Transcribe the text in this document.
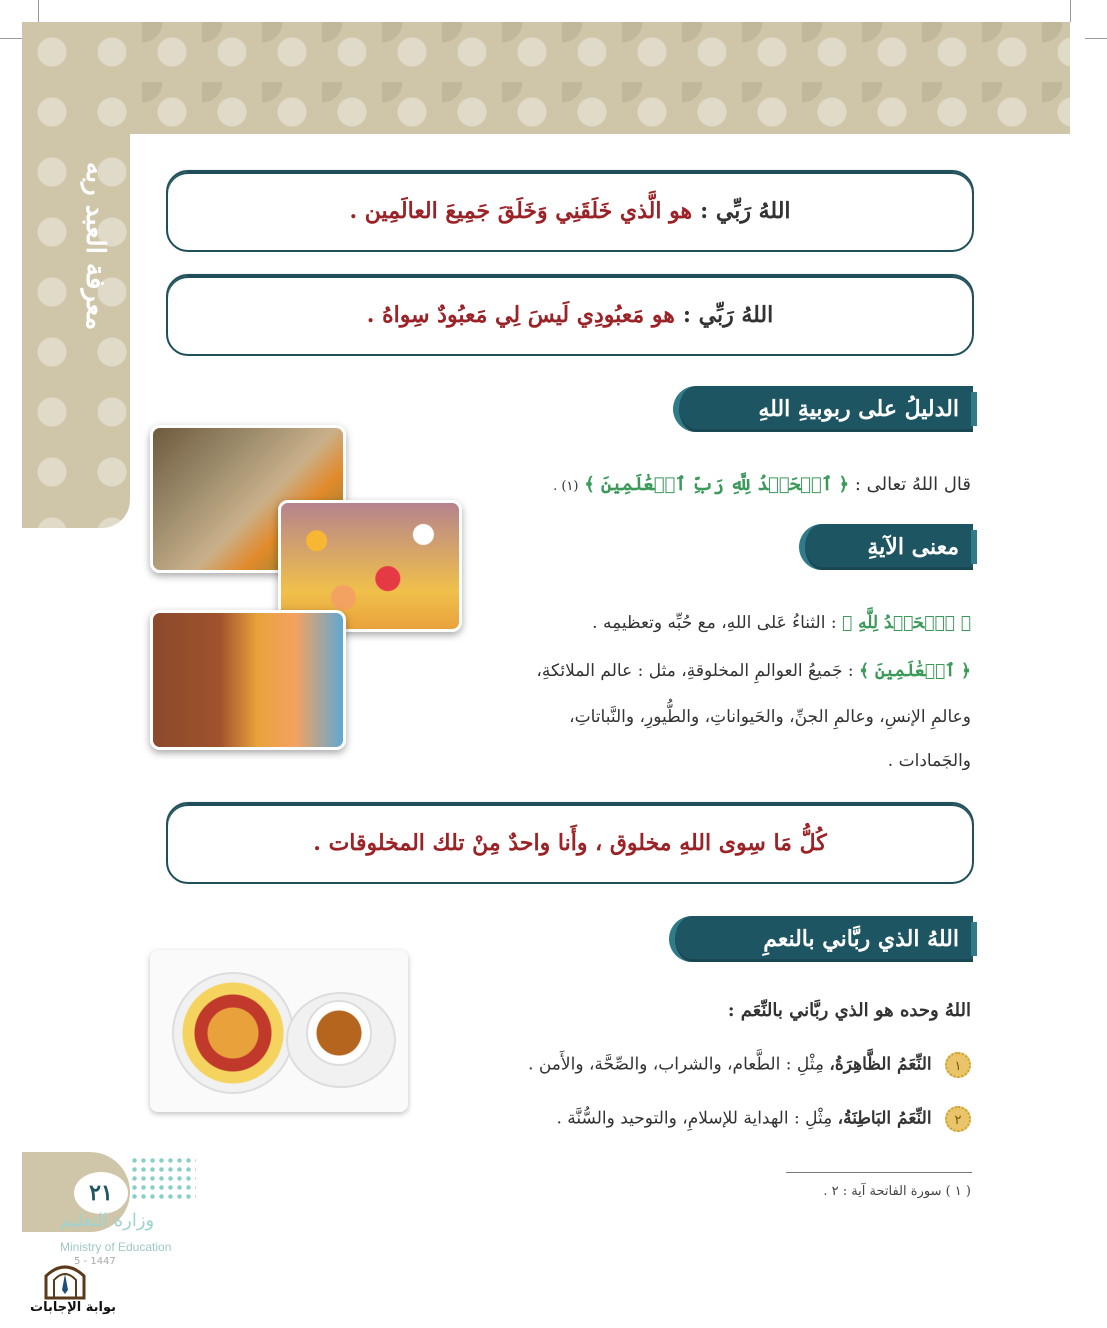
معرفة العبد ربه	اللهُ رَبِّي :
هو الَّذي خَلَقَنِي وَخَلَقَ جَمِيعَ العالَمِين .
اللهُ رَبِّي :
هو مَعبُودِي لَيسَ لِي مَعبُودٌ سِواهُ .
الدليلُ على ربوبيةِ اللهِ
قال اللهُ تعالى : ﴿ ٱلۡحَمۡدُ لِلَّهِ رَبِّ ٱلۡعَٰلَمِينَ ﴾ (١) .
معنى الآيةِ
﴿ ٱلۡحَمۡدُ لِلَّهِ ﴾ : الثناءُ عَلى اللهِ، مع حُبِّه وتعظيمِه .
﴿ ٱلۡعَٰلَمِينَ ﴾ : جَميعُ العوالمِ المخلوقةِ، مثل : عالم الملائكةِ،
وعالمِ الإنسِ، وعالمِ الجنِّ، والحَيواناتِ، والطُّيورِ، والنَّباتاتِ،
والجَمادات .
كُلُّ مَا سِوى اللهِ مخلوق ، وأَنا واحدٌ مِنْ تلك المخلوقات .
اللهُ الذي ربَّاني بالنعمِ
اللهُ وحده هو الذي ربَّاني بالنِّعَم :
١ النِّعَمُ الظَّاهِرَةُ، مِثْلِ : الطَّعام، والشراب، والصِّحَّة، والأَمن .
٢ النِّعَمُ البَاطِنَةُ، مِثْلِ : الهداية للإسلامِ، والتوحيد والسُّنَّة .
( ١ ) سورة الفاتحة آية : ٢ .
٢١
وزارة التعليم
Ministry of Education
5 - 1447
بوابة الإجابات
